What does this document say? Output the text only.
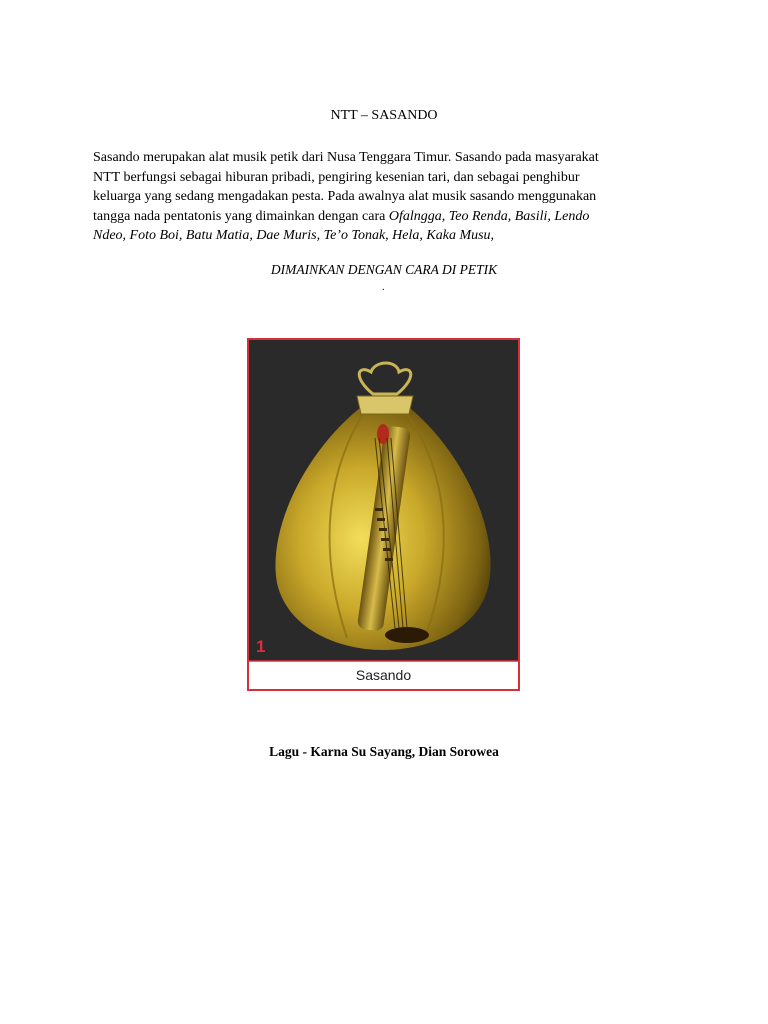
NTT – SASANDO
Sasando merupakan alat musik petik dari Nusa Tenggara Timur. Sasando pada masyarakat
NTT berfungsi sebagai hiburan pribadi, pengiring kesenian tari, dan sebagai penghibur
keluarga yang sedang mengadakan pesta. Pada awalnya alat musik sasando menggunakan
tangga nada pentatonis yang dimainkan dengan cara Ofalngga, Teo Renda, Basili, Lendo
Ndeo, Foto Boi, Batu Matia, Dae Muris, Te’o Tonak, Hela, Kaka Musu,
DIMAINKAN DENGAN CARA DI PETIK
.
1
Sasando
Lagu - Karna Su Sayang, Dian Sorowea
